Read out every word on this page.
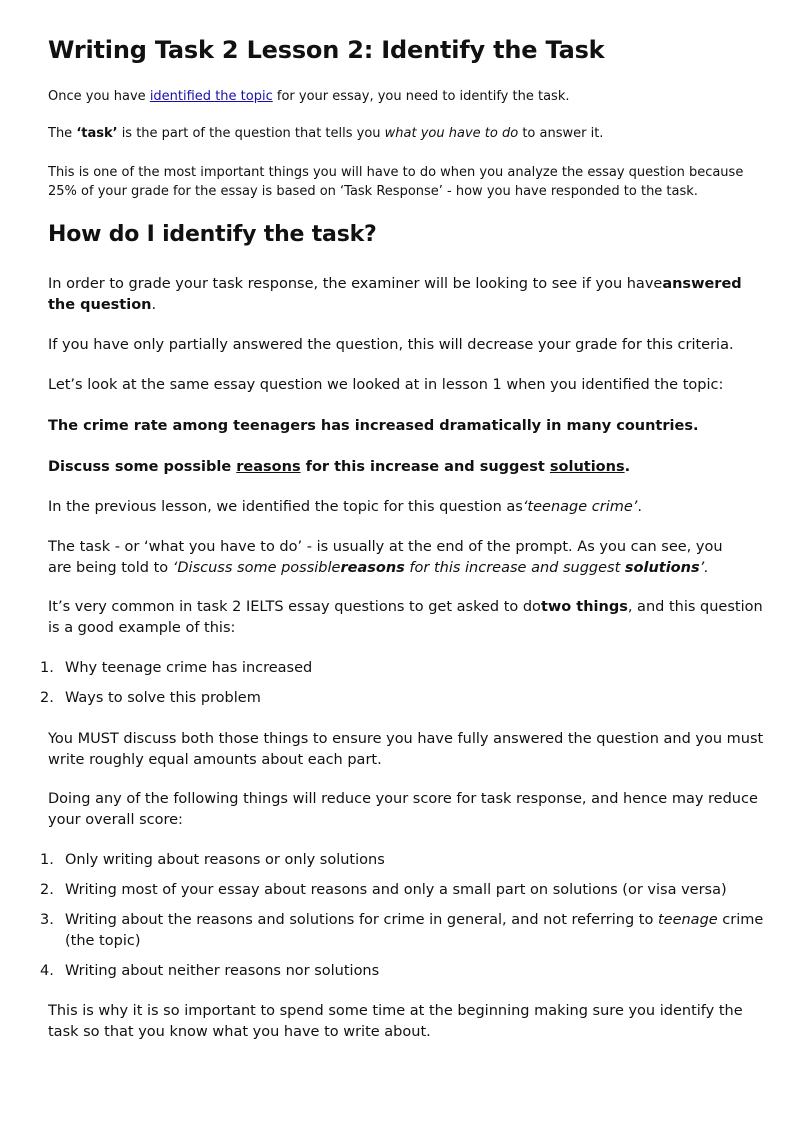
Writing Task 2 Lesson 2: Identify the Task

Once you have identified the topic for your essay, you need to identify the task.

The ‘task’ is the part of the question that tells you what you have to do to answer it.

This is one of the most important things you will have to do when you analyze the essay question because 25% of your grade for the essay is based on ‘Task Response’ - how you have responded to the task.

How do I identify the task?

In order to grade your task response, the examiner will be looking to see if you haveanswered the question.

If you have only partially answered the question, this will decrease your grade for this criteria.

Let’s look at the same essay question we looked at in lesson 1 when you identified the topic:

The crime rate among teenagers has increased dramatically in many countries.

Discuss some possible reasons for this increase and suggest solutions.

In the previous lesson, we identified the topic for this question as‘teenage crime’.

The task - or ‘what you have to do’ - is usually at the end of the prompt. As you can see, you are being told to ‘Discuss some possiblereasons for this increase and suggest solutions’.

It’s very common in task 2 IELTS essay questions to get asked to dotwo things, and this question is a good example of this:

1. Why teenage crime has increased
2. Ways to solve this problem

You MUST discuss both those things to ensure you have fully answered the question and you must write roughly equal amounts about each part.

Doing any of the following things will reduce your score for task response, and hence may reduce your overall score:

1. Only writing about reasons or only solutions
2. Writing most of your essay about reasons and only a small part on solutions (or visa versa)
3. Writing about the reasons and solutions for crime in general, and not referring to teenage crime (the topic)
4. Writing about neither reasons nor solutions

This is why it is so important to spend some time at the beginning making sure you identify the task so that you know what you have to write about.
